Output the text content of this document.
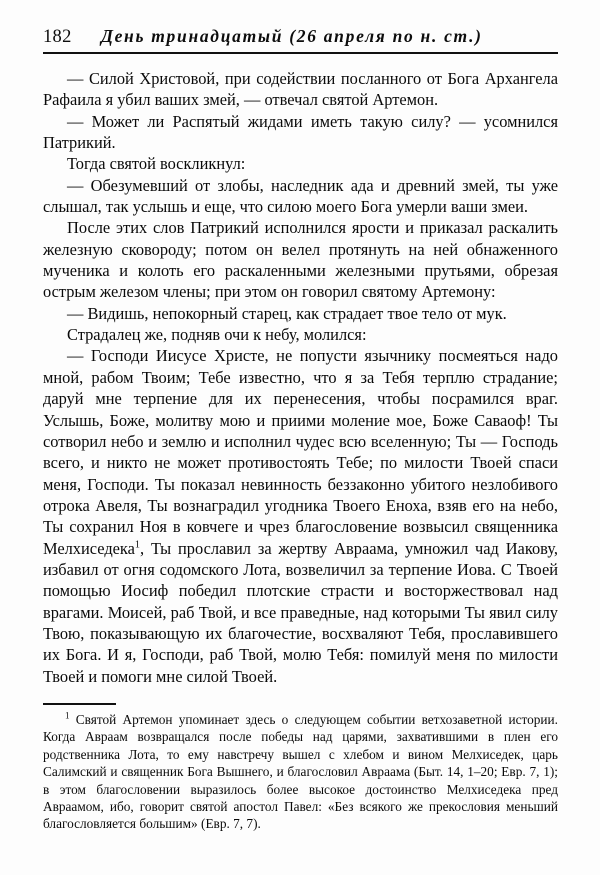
182	День тринадцатый (26 апреля по н. ст.)

— Силой Христовой, при содействии посланного от Бога Архангела Рафаила я убил ваших змей, — отвечал святой Артемон.

— Может ли Распятый жидами иметь такую силу? — усомнился Патрикий.

Тогда святой воскликнул:

— Обезумевший от злобы, наследник ада и древний змей, ты уже слышал, так услышь и еще, что силою моего Бога умерли ваши змеи.

После этих слов Патрикий исполнился ярости и приказал раскалить железную сковороду; потом он велел протянуть на ней обнаженного мученика и колоть его раскаленными железными прутьями, обрезая острым железом члены; при этом он говорил святому Артемону:

— Видишь, непокорный старец, как страдает твое тело от мук.

Страдалец же, подняв очи к небу, молился:

— Господи Иисусе Христе, не попусти язычнику посмеяться надо мной, рабом Твоим; Тебе известно, что я за Тебя терплю страдание; даруй мне терпение для их перенесения, чтобы посрамился враг. Услышь, Боже, молитву мою и приими моление мое, Боже Саваоф! Ты сотворил небо и землю и исполнил чудес всю вселенную; Ты — Господь всего, и никто не может противостоять Тебе; по милости Твоей спаси меня, Господи. Ты показал невинность беззаконно убитого незлобивого отрока Авеля, Ты вознаградил угодника Твоего Еноха, взяв его на небо, Ты сохранил Ноя в ковчеге и чрез благословение возвысил священника Мелхиседека$^1$, Ты прославил за жертву Авраама, умножил чад Иакову, избавил от огня содомского Лота, возвеличил за терпение Иова. С Твоей помощью Иосиф победил плотские страсти и восторжествовал над врагами. Моисей, раб Твой, и все праведные, над которыми Ты явил силу Твою, показывающую их благочестие, восхваляют Тебя, прославившего их Бога. И я, Господи, раб Твой, молю Тебя: помилуй меня по милости Твоей и помоги мне силой Твоей.

$^1$ Святой Артемон упоминает здесь о следующем событии ветхозаветной истории. Когда Авраам возвращался после победы над царями, захватившими в плен его родственника Лота, то ему навстречу вышел с хлебом и вином Мелхиседек, царь Салимский и священник Бога Вышнего, и благословил Авраама (Быт. 14, 1–20; Евр. 7, 1); в этом благословении выразилось более высокое достоинство Мелхиседека пред Авраамом, ибо, говорит святой апостол Павел: «Без всякого же прекословия меньший благословляется большим» (Евр. 7, 7).
